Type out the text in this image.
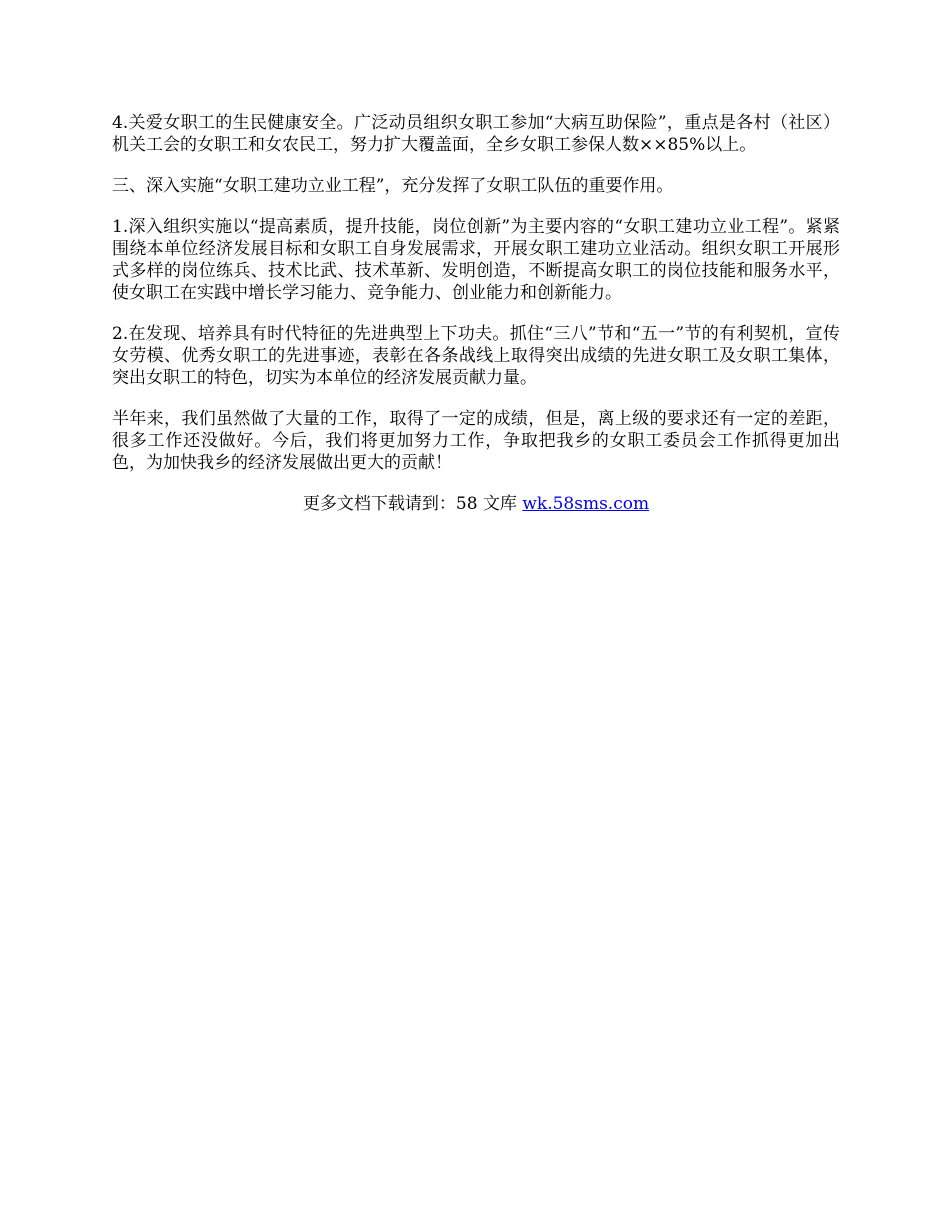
4.关爱女职工的生民健康安全。广泛动员组织女职工参加“大病互助保险”，重点是各村（社区）机关工会的女职工和女农民工，努力扩大覆盖面，全乡女职工参保人数××85%以上。

三、深入实施“女职工建功立业工程”，充分发挥了女职工队伍的重要作用。

1.深入组织实施以“提高素质，提升技能，岗位创新”为主要内容的“女职工建功立业工程”。紧紧围绕本单位经济发展目标和女职工自身发展需求，开展女职工建功立业活动。组织女职工开展形式多样的岗位练兵、技术比武、技术革新、发明创造，不断提高女职工的岗位技能和服务水平，使女职工在实践中增长学习能力、竞争能力、创业能力和创新能力。

2.在发现、培养具有时代特征的先进典型上下功夫。抓住“三八”节和“五一”节的有利契机，宣传女劳模、优秀女职工的先进事迹，表彰在各条战线上取得突出成绩的先进女职工及女职工集体，突出女职工的特色，切实为本单位的经济发展贡献力量。

半年来，我们虽然做了大量的工作，取得了一定的成绩，但是，离上级的要求还有一定的差距，很多工作还没做好。今后，我们将更加努力工作，争取把我乡的女职工委员会工作抓得更加出色，为加快我乡的经济发展做出更大的贡献！

更多文档下载请到：58 文库 wk.58sms.com
